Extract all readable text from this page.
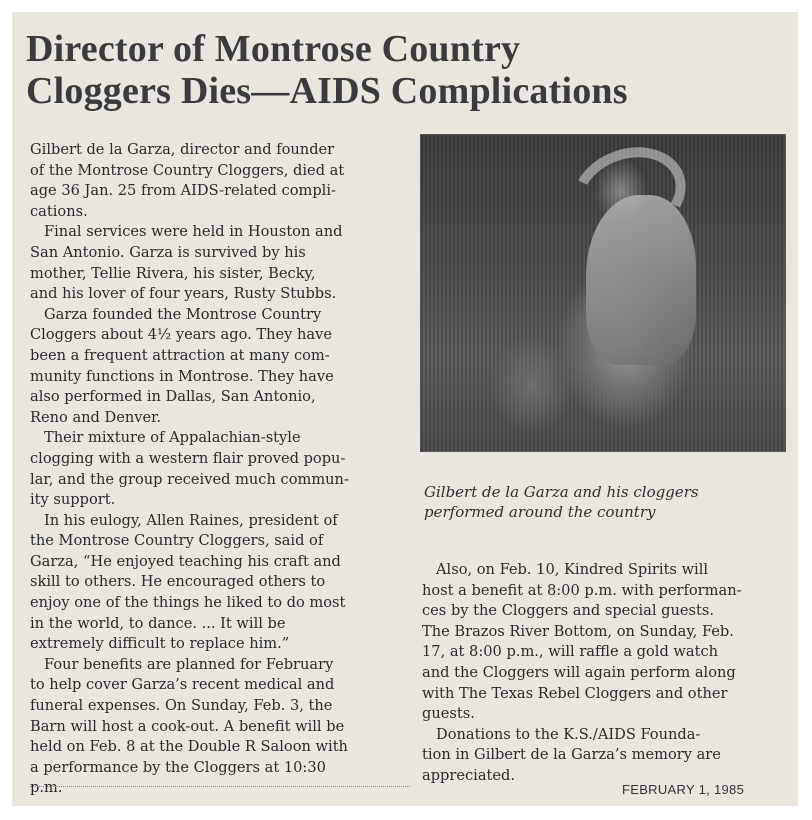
Director of Montrose Country
Cloggers Dies—AIDS Complications
Gilbert de la Garza, director and founder
of the Montrose Country Cloggers, died at
age 36 Jan. 25 from AIDS-related compli-
cations.
Final services were held in Houston and
San Antonio. Garza is survived by his
mother, Tellie Rivera, his sister, Becky,
and his lover of four years, Rusty Stubbs.
Garza founded the Montrose Country
Cloggers about 4½ years ago. They have
been a frequent attraction at many com-
munity functions in Montrose. They have
also performed in Dallas, San Antonio,
Reno and Denver.
Their mixture of Appalachian-style
clogging with a western flair proved popu-
lar, and the group received much commun-
ity support.
In his eulogy, Allen Raines, president of
the Montrose Country Cloggers, said of
Garza, “He enjoyed teaching his craft and
skill to others. He encouraged others to
enjoy one of the things he liked to do most
in the world, to dance. ... It will be
extremely difficult to replace him.”
Four benefits are planned for February
to help cover Garza’s recent medical and
funeral expenses. On Sunday, Feb. 3, the
Barn will host a cook-out. A benefit will be
held on Feb. 8 at the Double R Saloon with
a performance by the Cloggers at 10:30
p.m.
Gilbert de la Garza and his cloggers
performed around the country
Also, on Feb. 10, Kindred Spirits will
host a benefit at 8:00 p.m. with performan-
ces by the Cloggers and special guests.
The Brazos River Bottom, on Sunday, Feb.
17, at 8:00 p.m., will raffle a gold watch
and the Cloggers will again perform along
with The Texas Rebel Cloggers and other
guests.
Donations to the K.S./AIDS Founda-
tion in Gilbert de la Garza’s memory are
appreciated.
FEBRUARY 1, 1985
